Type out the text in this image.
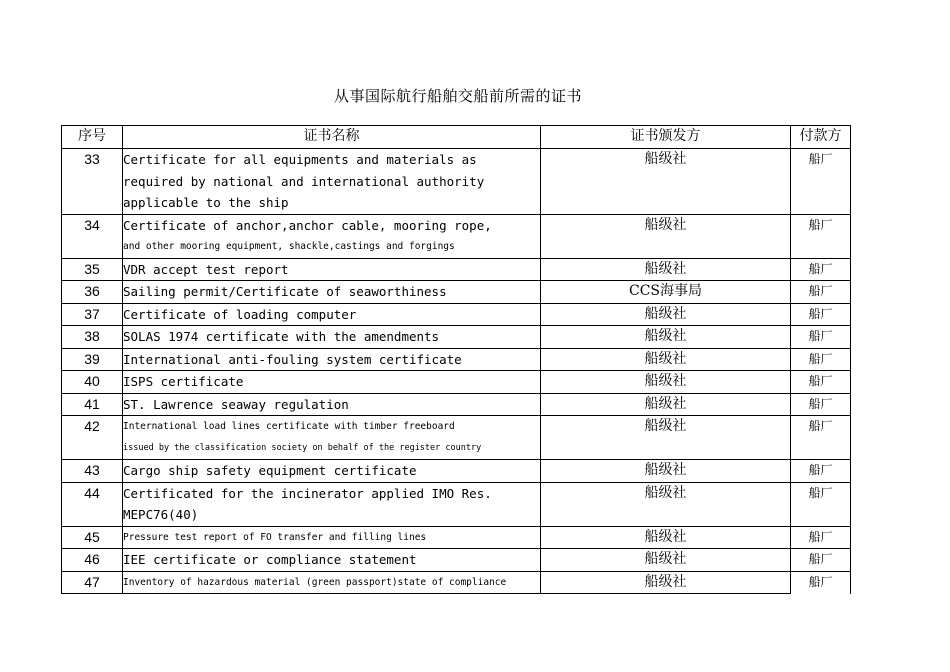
从事国际航行船舶交船前所需的证书
序号	证书名称	证书颁发方	付款方
33	Certificate for all equipments and materials as
required by national and international authority
applicable to the ship	船级社	船厂
34	Certificate of anchor,anchor cable, mooring rope,
and other mooring equipment, shackle,castings and forgings	船级社	船厂
35	VDR accept test report	船级社	船厂
36	Sailing permit/Certificate of seaworthiness	CCS海事局	船厂
37	Certificate of loading computer	船级社	船厂
38	SOLAS 1974 certificate with the amendments	船级社	船厂
39	International anti-fouling system certificate	船级社	船厂
40	ISPS certificate	船级社	船厂
41	ST. Lawrence seaway regulation	船级社	船厂
42	International load lines certificate with timber freeboard
issued by the classification society on behalf of the register country	船级社	船厂
43	Cargo ship safety equipment certificate	船级社	船厂
44	Certificated for the incinerator applied IMO Res.
MEPC76(40)	船级社	船厂
45	Pressure test report of FO transfer and filling lines	船级社	船厂
46	IEE certificate or compliance statement	船级社	船厂
47	Inventory of hazardous material (green passport)state of compliance	船级社	船厂
